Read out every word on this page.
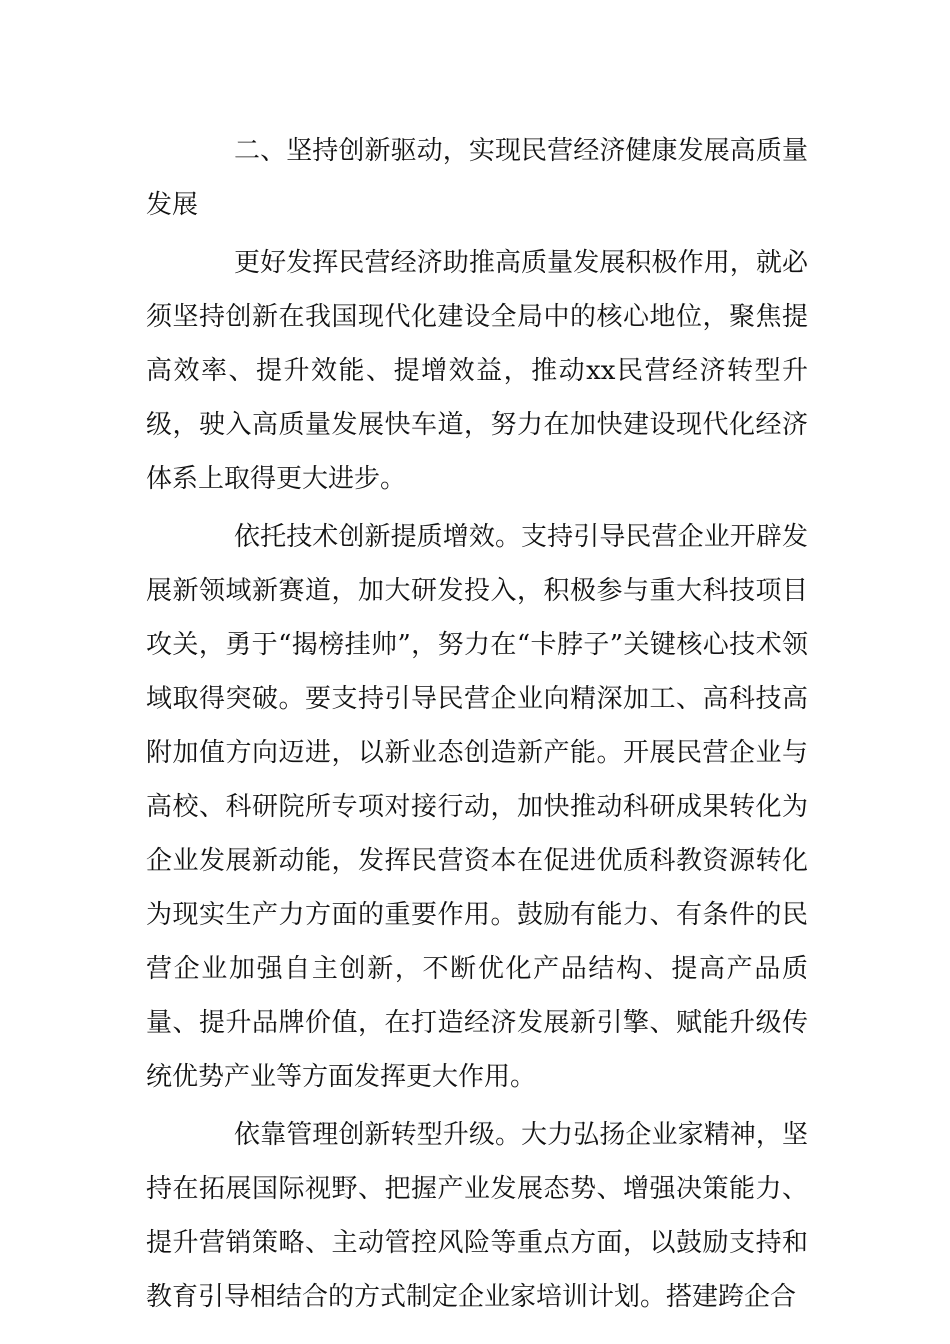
二、坚持创新驱动，实现民营经济健康发展高质量发展

更好发挥民营经济助推高质量发展积极作用，就必须坚持创新在我国现代化建设全局中的核心地位，聚焦提高效率、提升效能、提增效益，推动xx民营经济转型升级，驶入高质量发展快车道，努力在加快建设现代化经济体系上取得更大进步。

依托技术创新提质增效。支持引导民营企业开辟发展新领域新赛道，加大研发投入，积极参与重大科技项目攻关，勇于“揭榜挂帅”，努力在“卡脖子”关键核心技术领域取得突破。要支持引导民营企业向精深加工、高科技高附加值方向迈进，以新业态创造新产能。开展民营企业与高校、科研院所专项对接行动，加快推动科研成果转化为企业发展新动能，发挥民营资本在促进优质科教资源转化为现实生产力方面的重要作用。鼓励有能力、有条件的民营企业加强自主创新，不断优化产品结构、提高产品质量、提升品牌价值，在打造经济发展新引擎、赋能升级传统优势产业等方面发挥更大作用。

依靠管理创新转型升级。大力弘扬企业家精神，坚持在拓展国际视野、把握产业发展态势、增强决策能力、提升营销策略、主动管控风险等重点方面，以鼓励支持和教育引导相结合的方式制定企业家培训计划。搭建跨企合
